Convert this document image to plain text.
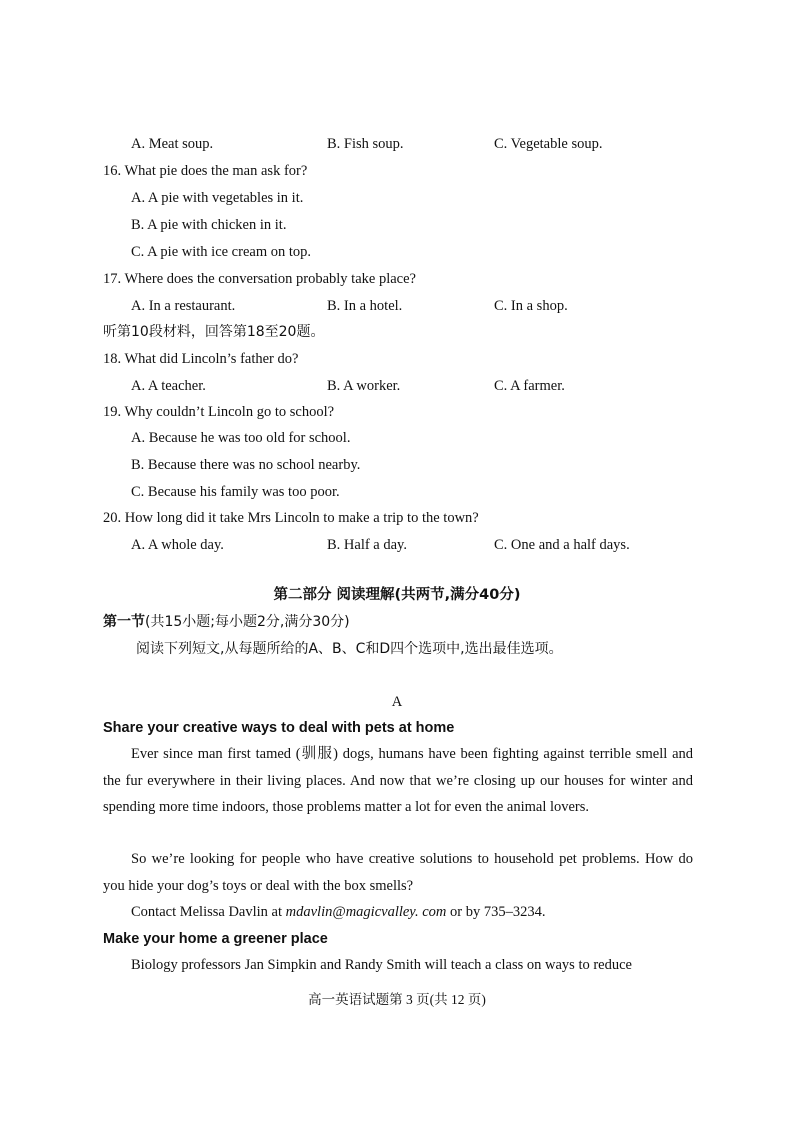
A. Meat soup.	B. Fish soup.	C. Vegetable soup.
16. What pie does the man ask for?
A. A pie with vegetables in it.
B. A pie with chicken in it.
C. A pie with ice cream on top.
17. Where does the conversation probably take place?
A. In a restaurant.	B. In a hotel.	C. In a shop.
听第10段材料，回答第18至20题。
18. What did Lincoln’s father do?
A. A teacher.	B. A worker.	C. A farmer.
19. Why couldn’t Lincoln go to school?
A. Because he was too old for school.
B. Because there was no school nearby.
C. Because his family was too poor.
20. How long did it take Mrs Lincoln to make a trip to the town?
A. A whole day.	B. Half a day.	C. One and a half days.
第二部分 阅读理解(共两节,满分40分)
第一节(共15小题;每小题2分,满分30分)
阅读下列短文,从每题所给的A、B、C和D四个选项中,选出最佳选项。
A
Share your creative ways to deal with pets at home

Ever since man first tamed (驯服) dogs, humans have been fighting against terrible smell and the fur everywhere in their living places. And now that we’re closing up our houses for winter and spending more time indoors, those problems matter a lot for even the animal lovers.

So we’re looking for people who have creative solutions to household pet problems. How do you hide your dog’s toys or deal with the box smells?

Contact Melissa Davlin at mdavlin@magicvalley. com or by 735–3234.
Make your home a greener place

Biology professors Jan Simpkin and Randy Smith will teach a class on ways to reduce

高一英语试题第 3 页(共 12 页)
